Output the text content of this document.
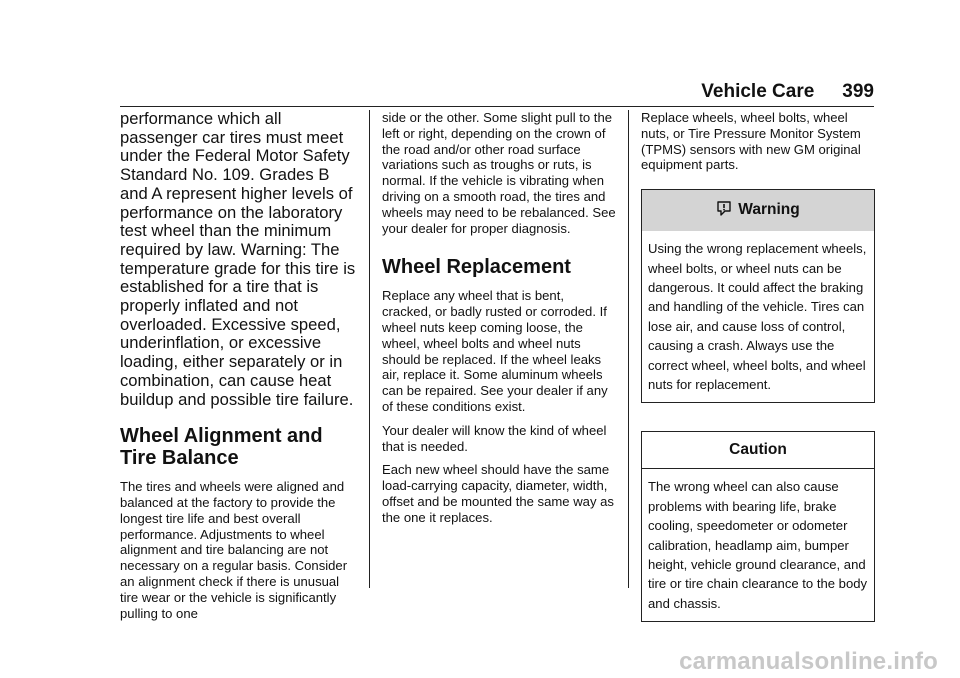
Vehicle Care 399

performance which all passenger car tires must meet under the Federal Motor Safety Standard No. 109. Grades B and A represent higher levels of performance on the laboratory test wheel than the minimum required by law. Warning: The temperature grade for this tire is established for a tire that is properly inflated and not overloaded. Excessive speed, underinflation, or excessive loading, either separately or in combination, can cause heat buildup and possible tire failure.

Wheel Alignment and Tire Balance

The tires and wheels were aligned and balanced at the factory to provide the longest tire life and best overall performance. Adjustments to wheel alignment and tire balancing are not necessary on a regular basis. Consider an alignment check if there is unusual tire wear or the vehicle is significantly pulling to one

side or the other. Some slight pull to the left or right, depending on the crown of the road and/or other road surface variations such as troughs or ruts, is normal. If the vehicle is vibrating when driving on a smooth road, the tires and wheels may need to be rebalanced. See your dealer for proper diagnosis.

Wheel Replacement

Replace any wheel that is bent, cracked, or badly rusted or corroded. If wheel nuts keep coming loose, the wheel, wheel bolts and wheel nuts should be replaced. If the wheel leaks air, replace it. Some aluminum wheels can be repaired. See your dealer if any of these conditions exist.

Your dealer will know the kind of wheel that is needed.

Each new wheel should have the same load-carrying capacity, diameter, width, offset and be mounted the same way as the one it replaces.

Replace wheels, wheel bolts, wheel nuts, or Tire Pressure Monitor System (TPMS) sensors with new GM original equipment parts.

Warning
Using the wrong replacement wheels, wheel bolts, or wheel nuts can be dangerous. It could affect the braking and handling of the vehicle. Tires can lose air, and cause loss of control, causing a crash. Always use the correct wheel, wheel bolts, and wheel nuts for replacement.
Caution
The wrong wheel can also cause problems with bearing life, brake cooling, speedometer or odometer calibration, headlamp aim, bumper height, vehicle ground clearance, and tire or tire chain clearance to the body and chassis.
carmanualsonline.info
